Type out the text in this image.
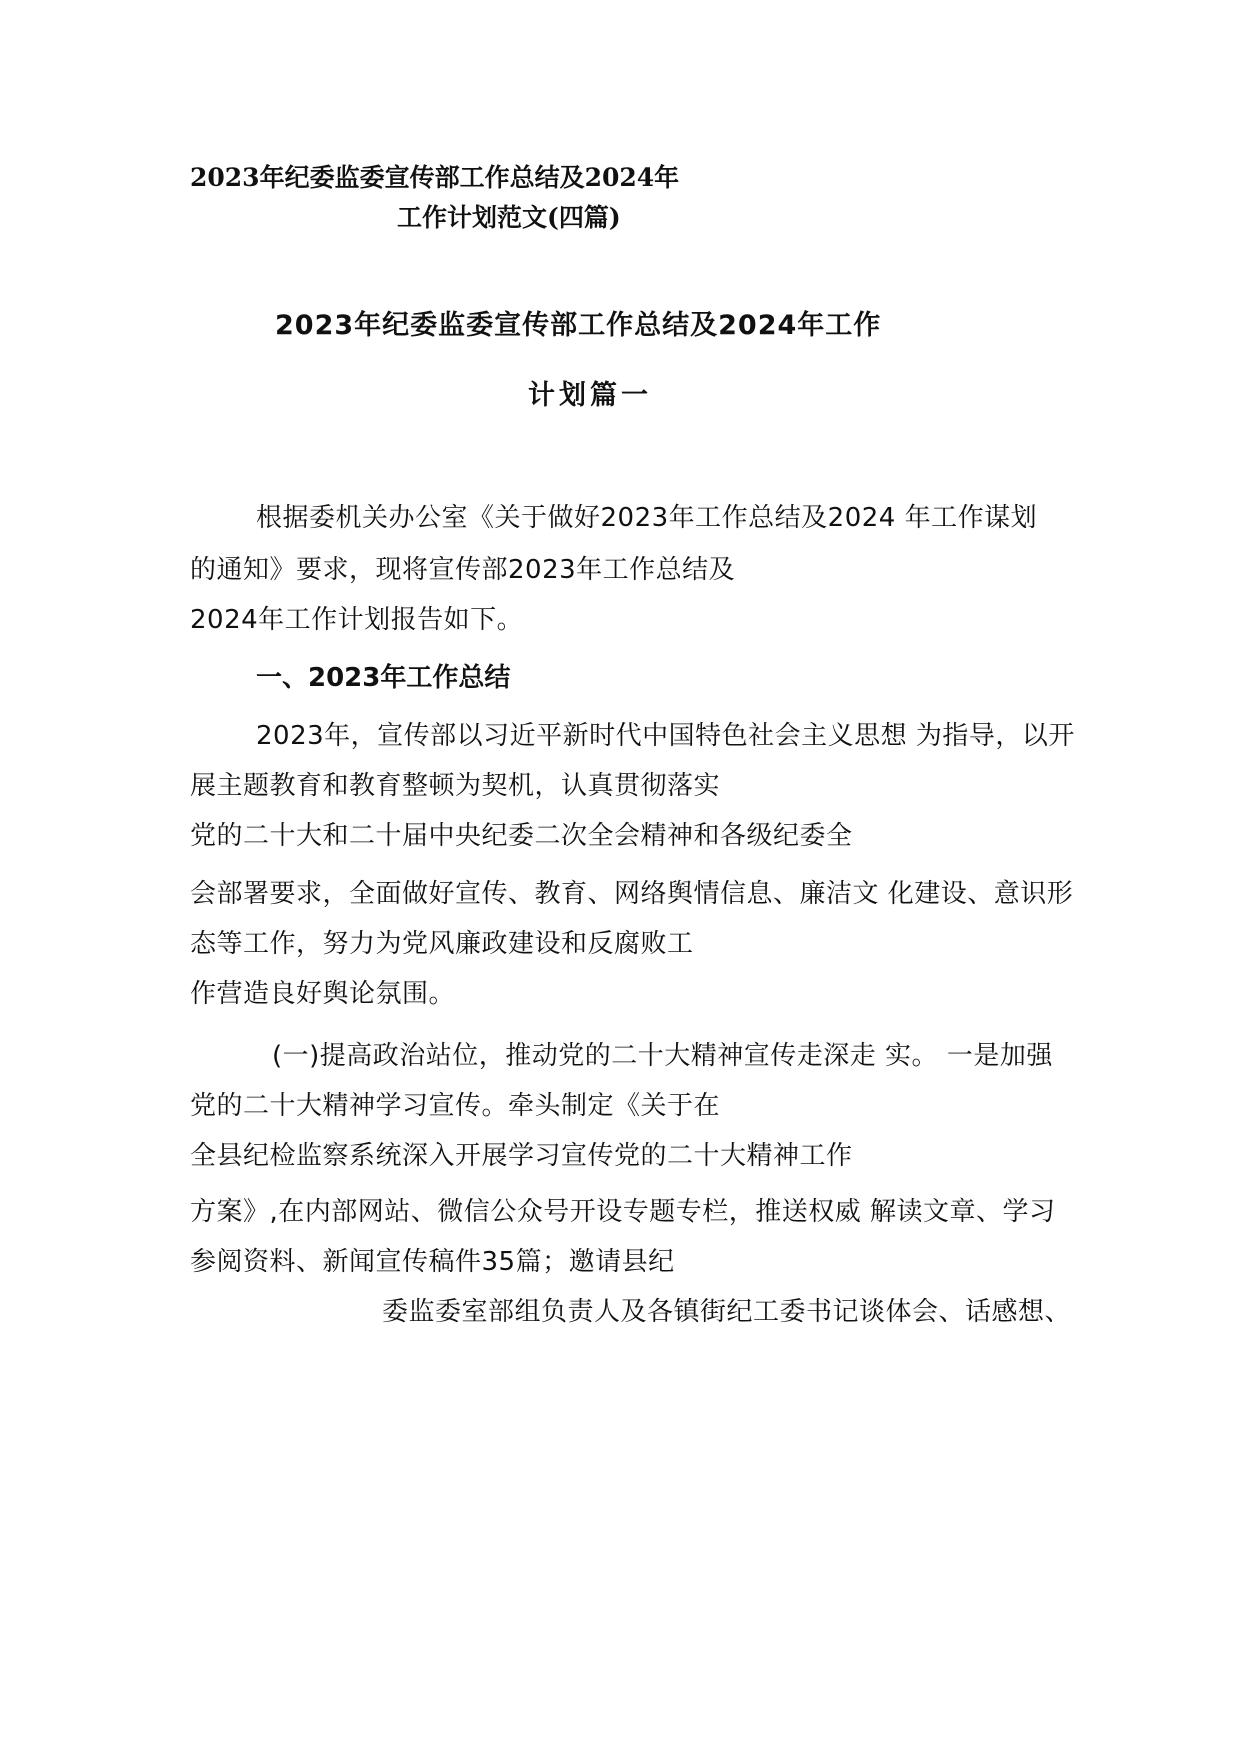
2023年纪委监委宣传部工作总结及2024年
工作计划范文(四篇)
2023年纪委监委宣传部工作总结及2024年工作
计划篇一
根据委机关办公室《关于做好2023年工作总结及2024 年工作谋划
的通知》要求，现将宣传部2023年工作总结及
2024年工作计划报告如下。
一、2023年工作总结
2023年，宣传部以习近平新时代中国特色社会主义思想 为指导，以开
展主题教育和教育整顿为契机，认真贯彻落实
党的二十大和二十届中央纪委二次全会精神和各级纪委全
会部署要求，全面做好宣传、教育、网络舆情信息、廉洁文 化建设、意识形
态等工作，努力为党风廉政建设和反腐败工
作营造良好舆论氛围。
(一)提高政治站位，推动党的二十大精神宣传走深走 实。 一是加强
党的二十大精神学习宣传。牵头制定《关于在
全县纪检监察系统深入开展学习宣传党的二十大精神工作
方案》,在内部网站、微信公众号开设专题专栏，推送权威 解读文章、学习
参阅资料、新闻宣传稿件35篇；邀请县纪
委监委室部组负责人及各镇街纪工委书记谈体会、话感想、
